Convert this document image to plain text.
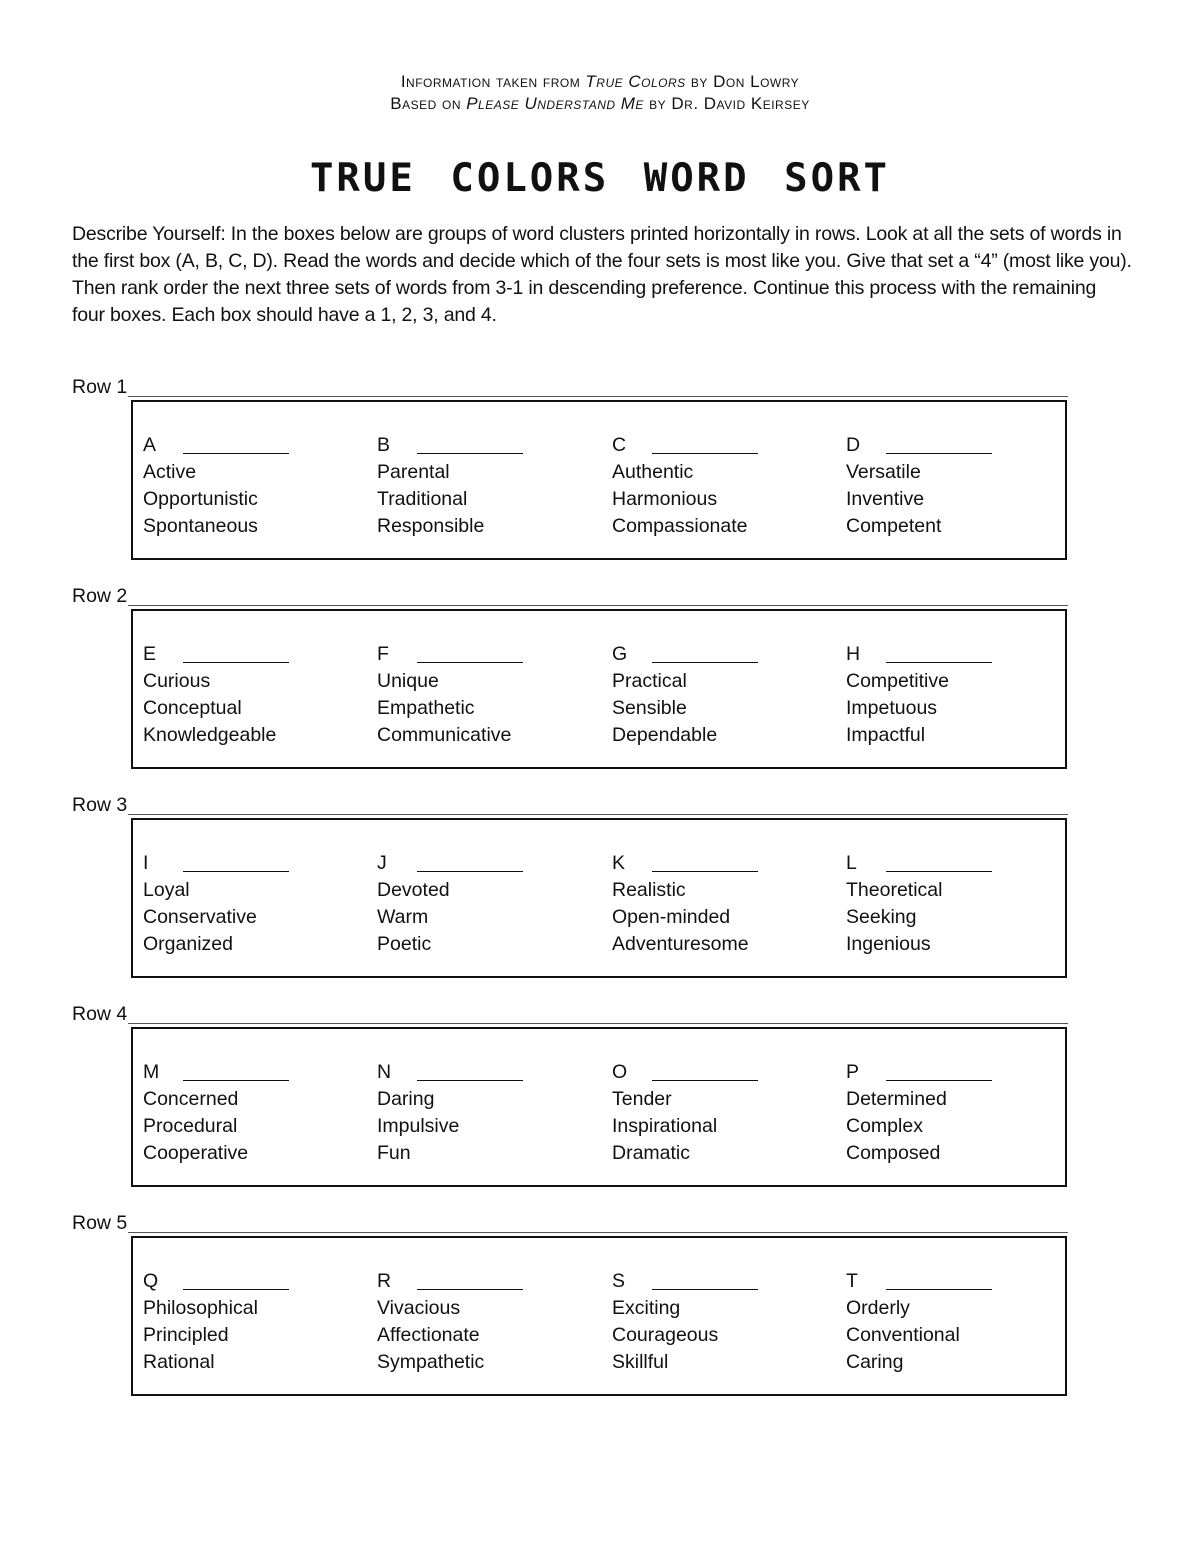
Information taken from True Colors by Don Lowry
Based on Please Understand Me by Dr. David Keirsey
TRUE COLORS WORD SORT
Describe Yourself: In the boxes below are groups of word clusters printed horizontally in rows. Look at all the sets of words in the first box (A, B, C, D). Read the words and decide which of the four sets is most like you. Give that set a “4” (most like you). Then rank order the next three sets of words from 3-1 in descending preference. Continue this process with the remaining four boxes. Each box should have a 1, 2, 3, and 4.
Row 1
A
Active
Opportunistic
Spontaneous
B
Parental
Traditional
Responsible
C
Authentic
Harmonious
Compassionate
D
Versatile
Inventive
Competent
Row 2
E
Curious
Conceptual
Knowledgeable
F
Unique
Empathetic
Communicative
G
Practical
Sensible
Dependable
H
Competitive
Impetuous
Impactful
Row 3
I
Loyal
Conservative
Organized
J
Devoted
Warm
Poetic
K
Realistic
Open-minded
Adventuresome
L
Theoretical
Seeking
Ingenious
Row 4
M
Concerned
Procedural
Cooperative
N
Daring
Impulsive
Fun
O
Tender
Inspirational
Dramatic
P
Determined
Complex
Composed
Row 5
Q
Philosophical
Principled
Rational
R
Vivacious
Affectionate
Sympathetic
S
Exciting
Courageous
Skillful
T
Orderly
Conventional
Caring
